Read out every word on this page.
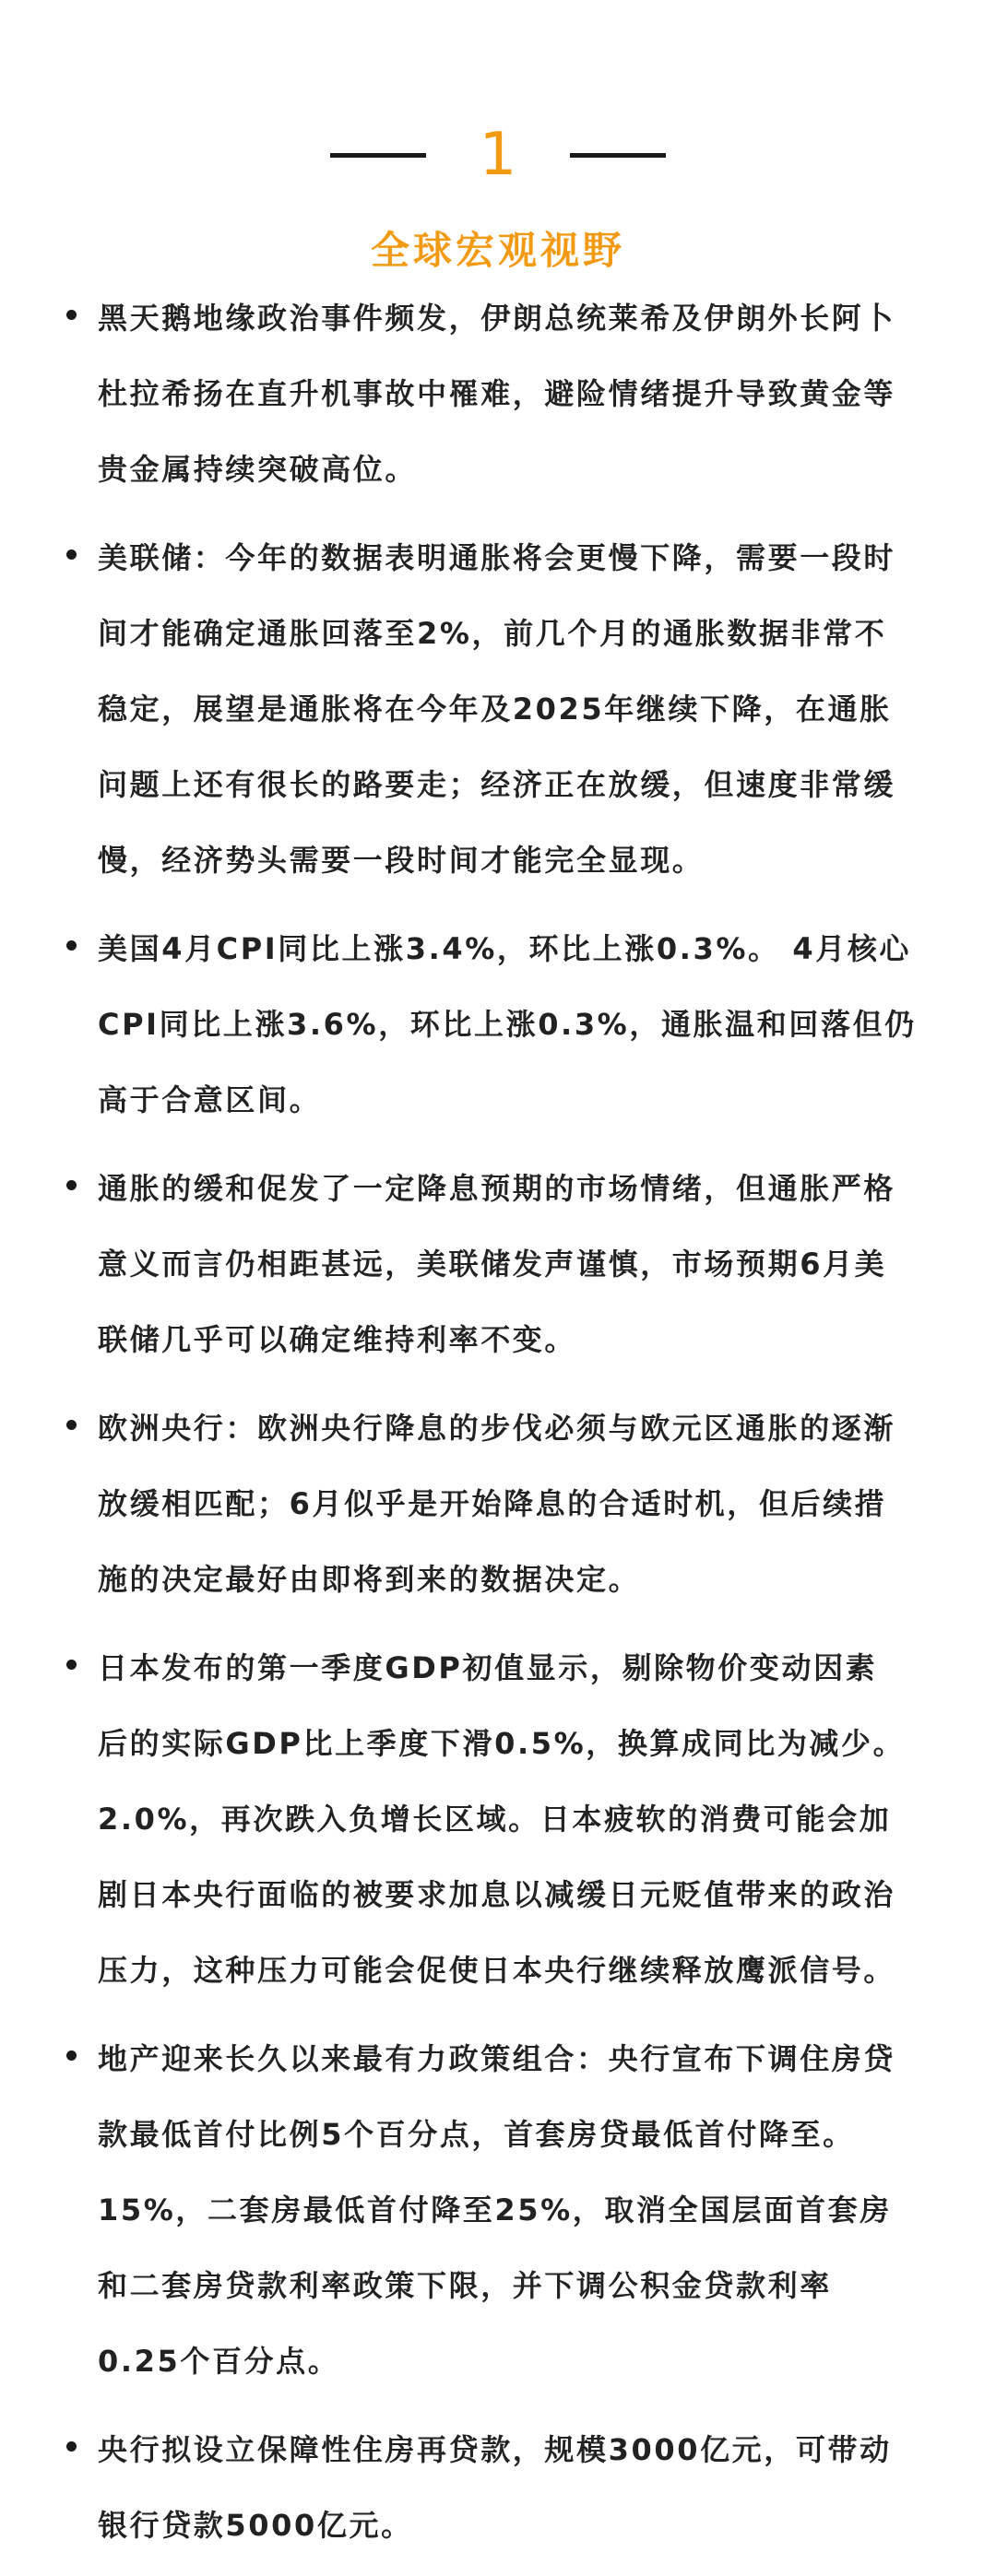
1
全球宏观视野
黑天鹅地缘政治事件频发，伊朗总统莱希及伊朗外长阿卜
杜拉希扬在直升机事故中罹难，避险情绪提升导致黄金等
贵金属持续突破高位。
美联储：今年的数据表明通胀将会更慢下降，需要一段时
间才能确定通胀回落至2%，前几个月的通胀数据非常不
稳定，展望是通胀将在今年及2025年继续下降，在通胀
问题上还有很长的路要走；经济正在放缓，但速度非常缓
慢，经济势头需要一段时间才能完全显现。
美国4月CPI同比上涨3.4%，环比上涨0.3%。 4月核心
CPI同比上涨3.6%，环比上涨0.3%，通胀温和回落但仍
高于合意区间。
通胀的缓和促发了一定降息预期的市场情绪，但通胀严格
意义而言仍相距甚远，美联储发声谨慎，市场预期6月美
联储几乎可以确定维持利率不变。
欧洲央行：欧洲央行降息的步伐必须与欧元区通胀的逐渐
放缓相匹配；6月似乎是开始降息的合适时机，但后续措
施的决定最好由即将到来的数据决定。
日本发布的第一季度GDP初值显示，剔除物价变动因素
后的实际GDP比上季度下滑0.5%，换算成同比为减少。
2.0%，再次跌入负增长区域。日本疲软的消费可能会加
剧日本央行面临的被要求加息以减缓日元贬值带来的政治
压力，这种压力可能会促使日本央行继续释放鹰派信号。
地产迎来长久以来最有力政策组合：央行宣布下调住房贷
款最低首付比例5个百分点，首套房贷最低首付降至。
15%，二套房最低首付降至25%，取消全国层面首套房
和二套房贷款利率政策下限，并下调公积金贷款利率
0.25个百分点。
央行拟设立保障性住房再贷款，规模3000亿元，可带动
银行贷款5000亿元。
